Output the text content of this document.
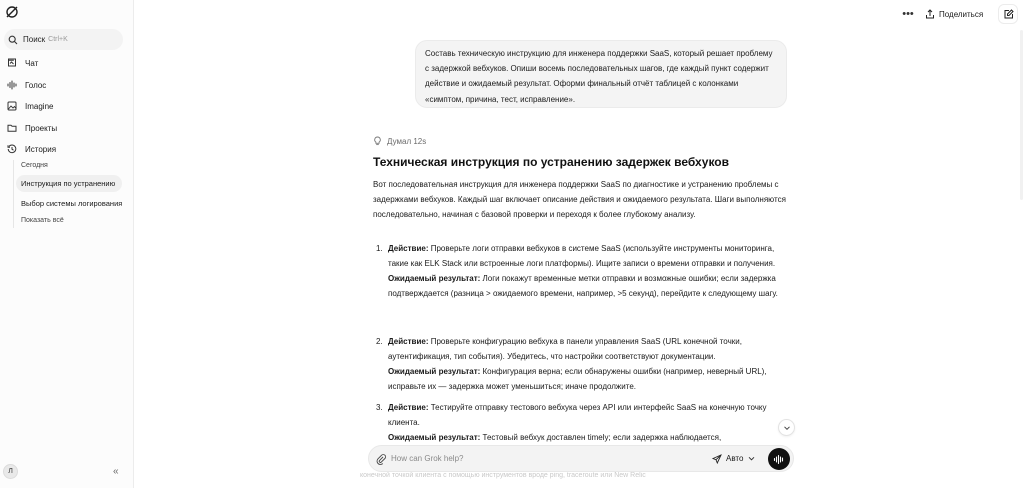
Поиск Ctrl+K
Чат
Голос
Imagine
Проекты
История
Сегодня
Инструкция по устранению
Выбор системы логирования
Показать всё
Л	«
•••	Поделиться
Составь техническую инструкцию для инженера поддержки SaaS, который решает проблему с задержкой вебхуков. Опиши восемь последовательных шагов, где каждый пункт содержит действие и ожидаемый результат. Оформи финальный отчёт таблицей с колонками «симптом, причина, тест, исправление».
Думал 12s
Техническая инструкция по устранению задержек вебхуков
Вот последовательная инструкция для инженера поддержки SaaS по диагностике и устранению проблемы с задержками вебхуков. Каждый шаг включает описание действия и ожидаемого результата. Шаги выполняются последовательно, начиная с базовой проверки и переходя к более глубокому анализу.
1. Действие: Проверьте логи отправки вебхуков в системе SaaS (используйте инструменты мониторинга, такие как ELK Stack или встроенные логи платформы). Ищите записи о времени отправки и получения.
Ожидаемый результат: Логи покажут временные метки отправки и возможные ошибки; если задержка подтверждается (разница > ожидаемого времени, например, >5 секунд), перейдите к следующему шагу.
2. Действие: Проверьте конфигурацию вебхука в панели управления SaaS (URL конечной точки, аутентификация, тип события). Убедитесь, что настройки соответствуют документации.
Ожидаемый результат: Конфигурация верна; если обнаружены ошибки (например, неверный URL), исправьте их — задержка может уменьшиться; иначе продолжите.
3. Действие: Тестируйте отправку тестового вебхука через API или интерфейс SaaS на конечную точку клиента.
Ожидаемый результат: Тестовый вебхук доставлен timely; если задержка наблюдается,
конечной точкой клиента с помощью инструментов вроде ping, traceroute или New Relic
How can Grok help?
Авто
